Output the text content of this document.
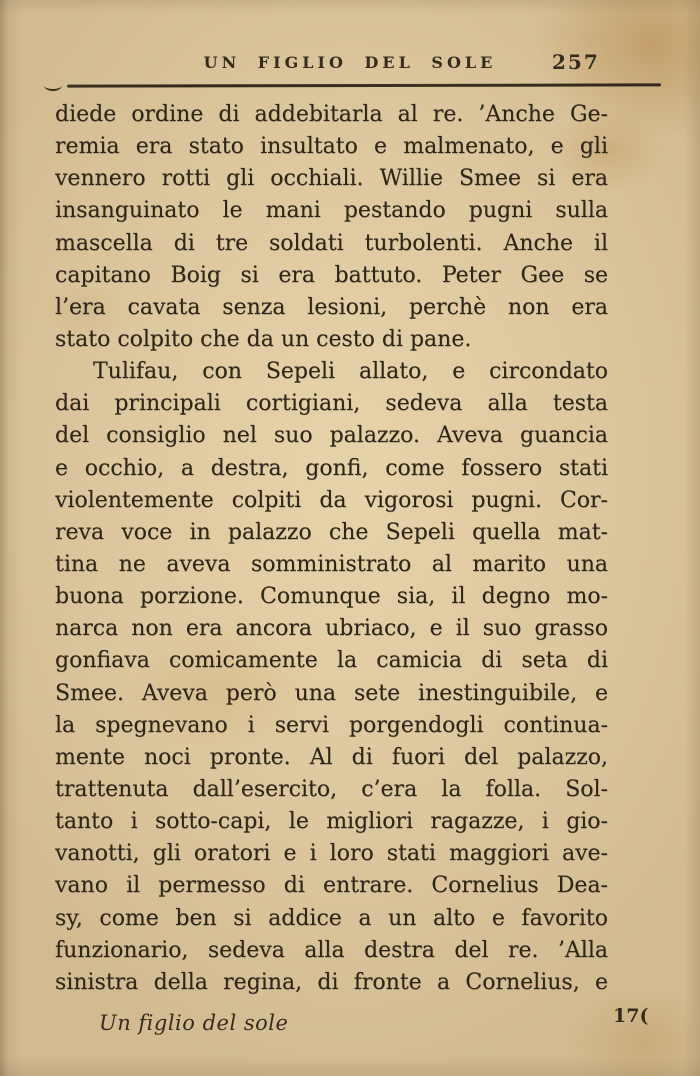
UN FIGLIO DEL SOLE	257
diede ordine di addebitarla al re. ’Anche Ge-
remia era stato insultato e malmenato, e gli
vennero rotti gli occhiali. Willie Smee si era
insanguinato le mani pestando pugni sulla
mascella di tre soldati turbolenti. Anche il
capitano Boig si era battuto. Peter Gee se
l’era cavata senza lesioni, perchè non era
stato colpito che da un cesto di pane.
Tulifau, con Sepeli allato, e circondato
dai principali cortigiani, sedeva alla testa
del consiglio nel suo palazzo. Aveva guancia
e occhio, a destra, gonfi, come fossero stati
violentemente colpiti da vigorosi pugni. Cor-
reva voce in palazzo che Sepeli quella mat-
tina ne aveva somministrato al marito una
buona porzione. Comunque sia, il degno mo-
narca non era ancora ubriaco, e il suo grasso
gonfiava comicamente la camicia di seta di
Smee. Aveva però una sete inestinguibile, e
la spegnevano i servi porgendogli continua-
mente noci pronte. Al di fuori del palazzo,
trattenuta dall’esercito, c’era la folla. Sol-
tanto i sotto-capi, le migliori ragazze, i gio-
vanotti, gli oratori e i loro stati maggiori ave-
vano il permesso di entrare. Cornelius Dea-
sy, come ben si addice a un alto e favorito
funzionario, sedeva alla destra del re. ’Alla
sinistra della regina, di fronte a Cornelius, e
Un figlio del sole	17(
